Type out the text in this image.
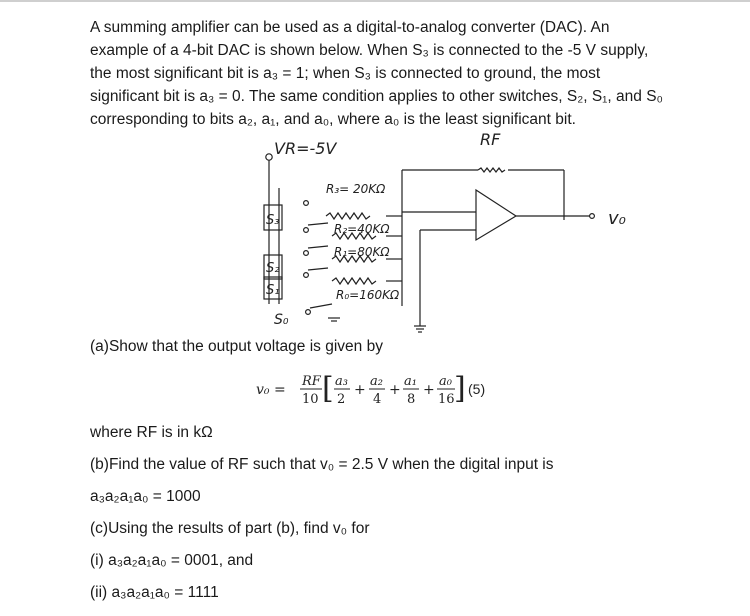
A summing amplifier can be used as a digital-to-analog converter (DAC). An
example of a 4-bit DAC is shown below. When S₃ is connected to the -5 V supply,
the most significant bit is a₃ = 1; when S₃ is connected to ground, the most
significant bit is a₃ = 0. The same condition applies to other switches, S₂, S₁, and S₀
corresponding to bits a₂, a₁, and a₀, where a₀ is the least significant bit.
VR=-5V	RF
R₃= 20KΩ
R₂=40KΩ
R₁=80KΩ
R₀=160KΩ
S₃
S₂
S₁
S₀
v₀
(a)Show that the output voltage is given by
v₀ =
RF
10 [ a₃
2
+
a₂
4
+
a₁
8
+
a₀
16 ] (5)
where RF is in kΩ
(b)Find the value of RF such that v₀ = 2.5 V when the digital input is
a₃a₂a₁a₀ = 1000
(c)Using the results of part (b), find v₀ for
(i) a₃a₂a₁a₀ = 0001, and
(ii) a₃a₂a₁a₀ = 1111
